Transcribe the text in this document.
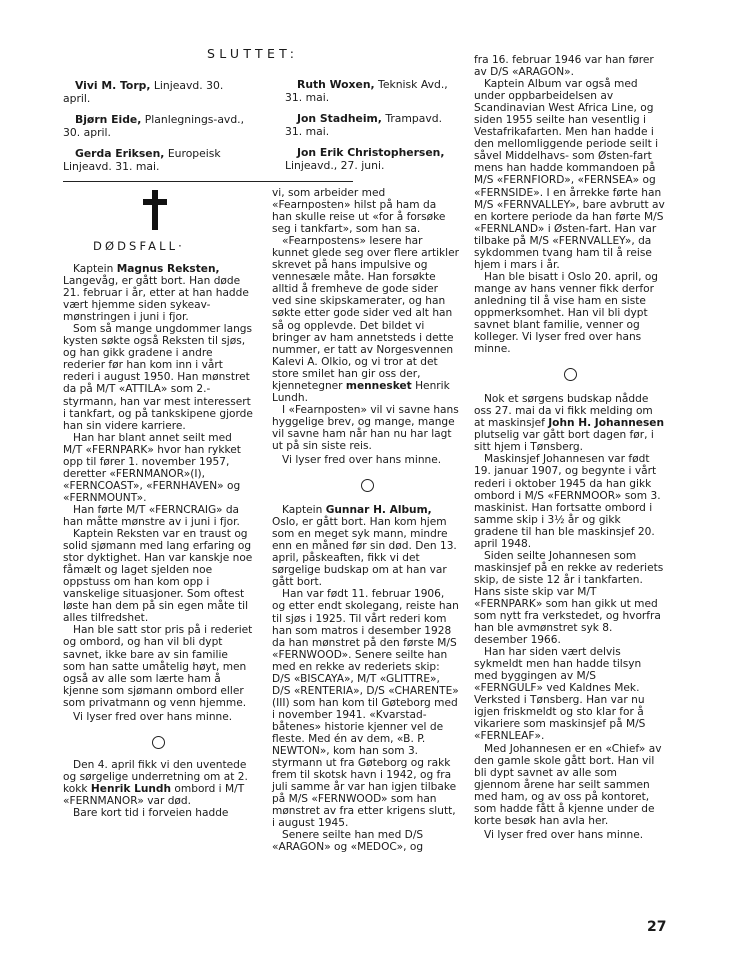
SLUTTET:

Vivi M. Torp, Linjeavd. 30. april.

Bjørn Eide, Planlegnings-avd., 30. april.

Gerda Eriksen, Europeisk Linjeavd. 31. mai.

Ruth Woxen, Teknisk Avd., 31. mai.

Jon Stadheim, Trampavd. 31. mai.

Jon Erik Christophersen, Linjeavd., 27. juni.

DØDSFALL·

Kaptein Magnus Reksten, Langevåg, er gått bort. Han døde 21. februar i år, etter at han hadde vært hjemme siden sykeav-mønstringen i juni i fjor.

Som så mange ungdommer langs kysten søkte også Reksten til sjøs, og han gikk gradene i andre rederier før han kom inn i vårt rederi i august 1950. Han mønstret da på M/T «ATTILA» som 2.-styrmann, han var mest interessert i tankfart, og på tankskipene gjorde han sin videre karriere.

Han har blant annet seilt med M/T «FERNPARK» hvor han rykket opp til fører 1. november 1957, deretter «FERNMANOR»(I), «FERNCOAST», «FERNHAVEN» og «FERNMOUNT».

Han førte M/T «FERNCRAIG» da han måtte mønstre av i juni i fjor.

Kaptein Reksten var en traust og solid sjømann med lang erfaring og stor dyktighet. Han var kanskje noe fåmælt og laget sjelden noe oppstuss om han kom opp i vanskelige situasjoner. Som oftest løste han dem på sin egen måte til alles tilfredshet.

Han ble satt stor pris på i rederiet og ombord, og han vil bli dypt savnet, ikke bare av sin familie som han satte umåtelig høyt, men også av alle som lærte ham å kjenne som sjømann ombord eller som privatmann og venn hjemme.

Vi lyser fred over hans minne.

Den 4. april fikk vi den uventede og sørgelige underretning om at 2. kokk Henrik Lundh ombord i M/T «FERNMANOR» var død.

Bare kort tid i forveien hadde

vi, som arbeider med «Fearnposten» hilst på ham da han skulle reise ut «for å forsøke seg i tankfart», som han sa.

«Fearnpostens» lesere har kunnet glede seg over flere artikler skrevet på hans impulsive og vennesæle måte. Han forsøkte alltid å fremheve de gode sider ved sine skipskamerater, og han søkte etter gode sider ved alt han så og opplevde. Det bildet vi bringer av ham annetsteds i dette nummer, er tatt av Norgesvennen Kalevi A. Olkio, og vi tror at det store smilet han gir oss der, kjennetegner mennesket Henrik Lundh.

I «Fearnposten» vil vi savne hans hyggelige brev, og mange, mange vil savne ham når han nu har lagt ut på sin siste reis.

Vi lyser fred over hans minne.

Kaptein Gunnar H. Album, Oslo, er gått bort. Han kom hjem som en meget syk mann, mindre enn en måned før sin død. Den 13. april, påskeaften, fikk vi det sørgelige budskap om at han var gått bort.

Han var født 11. februar 1906, og etter endt skolegang, reiste han til sjøs i 1925. Til vårt rederi kom han som matros i desember 1928 da han mønstret på den første M/S «FERNWOOD». Senere seilte han med en rekke av rederiets skip: D/S «BISCAYA», M/T «GLITTRE», D/S «RENTERIA», D/S «CHARENTE» (III) som han kom til Gøteborg med i november 1941. «Kvarstad-båtenes» historie kjenner vel de fleste. Med én av dem, «B. P. NEWTON», kom han som 3. styrmann ut fra Gøteborg og rakk frem til skotsk havn i 1942, og fra juli samme år var han igjen tilbake på M/S «FERNWOOD» som han mønstret av fra etter krigens slutt, i august 1945.

Senere seilte han med D/S «ARAGON» og «MEDOC», og

fra 16. februar 1946 var han fører av D/S «ARAGON».

Kaptein Album var også med under oppbarbeidelsen av Scandinavian West Africa Line, og siden 1955 seilte han vesentlig i Vestafrikafarten. Men han hadde i den mellomliggende periode seilt i såvel Middelhavs- som Østen-fart mens han hadde kommandoen på M/S «FERNFIORD», «FERNSEA» og «FERNSIDE». I en årrekke førte han M/S «FERNVALLEY», bare avbrutt av en kortere periode da han førte M/S «FERNLAND» i Østen-fart. Han var tilbake på M/S «FERNVALLEY», da sykdommen tvang ham til å reise hjem i mars i år.

Han ble bisatt i Oslo 20. april, og mange av hans venner fikk derfor anledning til å vise ham en siste oppmerksomhet. Han vil bli dypt savnet blant familie, venner og kolleger. Vi lyser fred over hans minne.

Nok et sørgens budskap nådde oss 27. mai da vi fikk melding om at maskinsjef John H. Johannesen plutselig var gått bort dagen før, i sitt hjem i Tønsberg.

Maskinsjef Johannesen var født 19. januar 1907, og begynte i vårt rederi i oktober 1945 da han gikk ombord i M/S «FERNMOOR» som 3. maskinist. Han fortsatte ombord i samme skip i 3½ år og gikk gradene til han ble maskinsjef 20. april 1948.

Siden seilte Johannesen som maskinsjef på en rekke av rederiets skip, de siste 12 år i tankfarten. Hans siste skip var M/T «FERNPARK» som han gikk ut med som nytt fra verkstedet, og hvorfra han ble avmønstret syk 8. desember 1966.

Han har siden vært delvis sykmeldt men han hadde tilsyn med byggingen av M/S «FERNGULF» ved Kaldnes Mek. Verksted i Tønsberg. Han var nu igjen friskmeldt og sto klar for å vikariere som maskinsjef på M/S «FERNLEAF».

Med Johannesen er en «Chief» av den gamle skole gått bort. Han vil bli dypt savnet av alle som gjennom årene har seilt sammen med ham, og av oss på kontoret, som hadde fått å kjenne under de korte besøk han avla her.

Vi lyser fred over hans minne.

27
